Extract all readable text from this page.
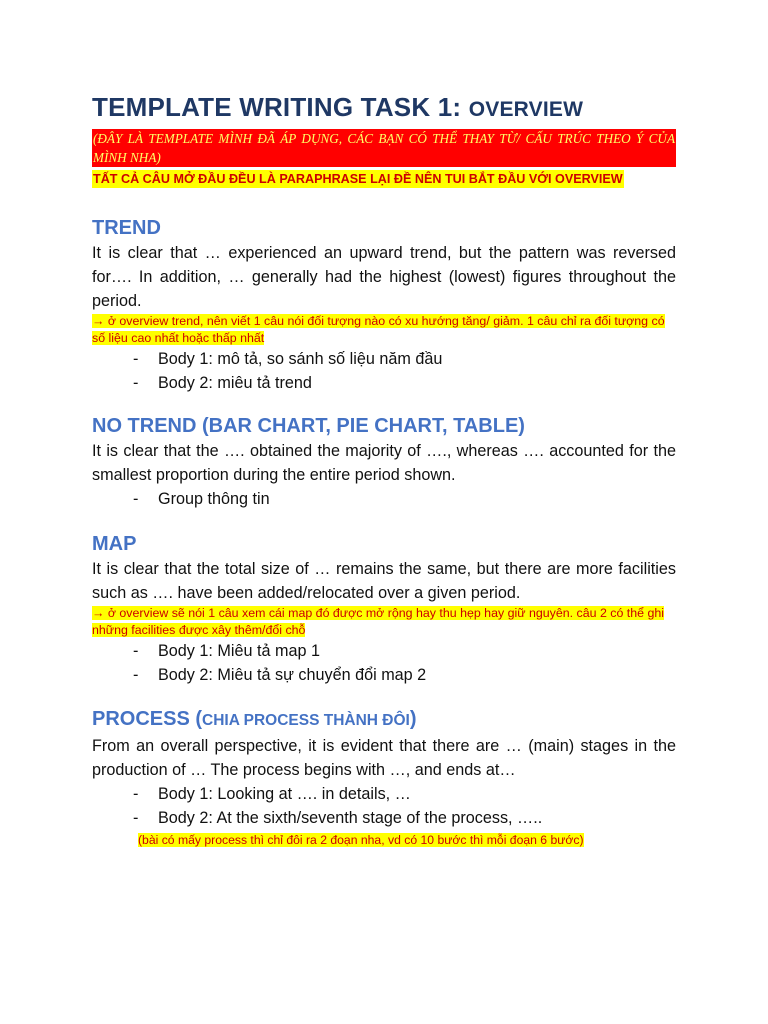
TEMPLATE WRITING TASK 1: OVERVIEW
(ĐÂY LÀ TEMPLATE MÌNH ĐÃ ÁP DỤNG, CÁC BẠN CÓ THỂ THAY TỪ/ CẤU TRÚC THEO Ý CỦA MÌNH NHA)
TẤT CẢ CÂU MỞ ĐẦU ĐỀU LÀ PARAPHRASE LẠI ĐỀ NÊN TUI BẮT ĐẦU VỚI OVERVIEW
TREND

It is clear that … experienced an upward trend, but the pattern was reversed for…. In addition, … generally had the highest (lowest) figures throughout the period.

→ ở overview trend, nên viết 1 câu nói đối tượng nào có xu hướng tăng/ giảm. 1 câu chỉ ra đối tượng có số liệu cao nhất hoặc thấp nhất

- Body 1: mô tả, so sánh số liệu năm đầu
- Body 2: miêu tả trend
NO TREND (BAR CHART, PIE CHART, TABLE)

It is clear that the …. obtained the majority of …., whereas …. accounted for the smallest proportion during the entire period shown.

- Group thông tin
MAP

It is clear that the total size of … remains the same, but there are more facilities such as …. have been added/relocated over a given period.

→ ở overview sẽ nói 1 câu xem cái map đó được mở rộng hay thu hẹp hay giữ nguyên. câu 2 có thể ghi những facilities được xây thêm/đổi chỗ

- Body 1: Miêu tả map 1
- Body 2: Miêu tả sự chuyển đổi map 2
PROCESS (CHIA PROCESS THÀNH ĐÔI)

From an overall perspective, it is evident that there are … (main) stages in the production of … The process begins with …, and ends at…

- Body 1: Looking at …. in details, …
- Body 2: At the sixth/seventh stage of the process, …..

(bài có mấy process thì chỉ đôi ra 2 đoạn nha, vd có 10 bước thì mỗi đoạn 6 bước)
